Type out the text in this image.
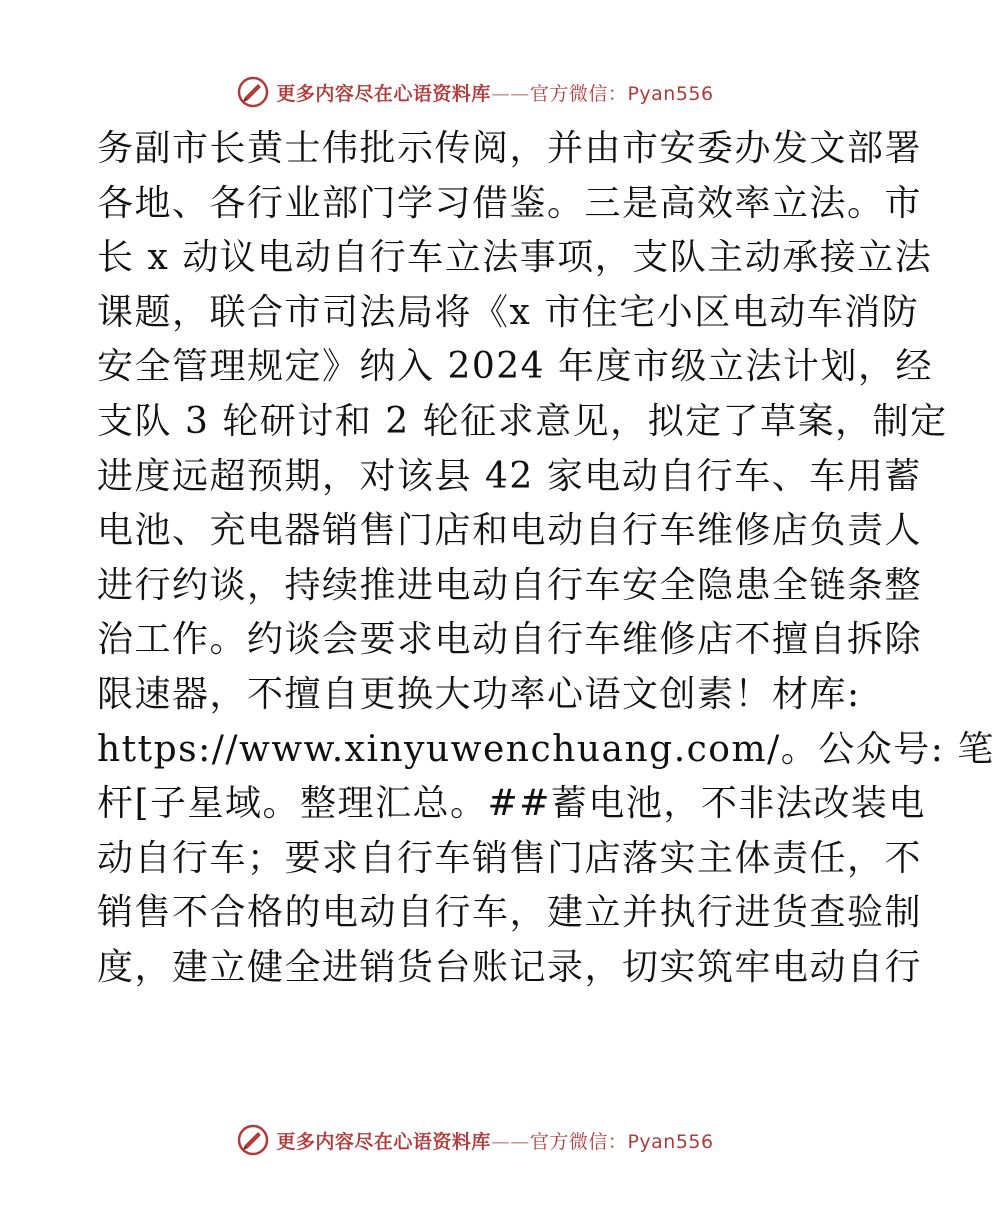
更多内容尽在心语资料库——官方微信：Pyan556
务副市长黄士伟批示传阅，并由市安委办发文部署
各地、各行业部门学习借鉴。三是高效率立法。市
长 x 动议电动自行车立法事项，支队主动承接立法
课题，联合市司法局将《x 市住宅小区电动车消防
安全管理规定》纳入 2024 年度市级立法计划，经
支队 3 轮研讨和 2 轮征求意见，拟定了草案，制定
进度远超预期，对该县 42 家电动自行车、车用蓄
电池、充电器销售门店和电动自行车维修店负责人
进行约谈，持续推进电动自行车安全隐患全链条整
治工作。约谈会要求电动自行车维修店不擅自拆除
限速器，不擅自更换大功率心语文创素！材库:
https://www.xinyuwenchuang.com/。公众号: 笔
杆[子星域。整理汇总。##蓄电池，不非法改装电
动自行车；要求自行车销售门店落实主体责任，不
销售不合格的电动自行车，建立并执行进货查验制
度，建立健全进销货台账记录，切实筑牢电动自行
更多内容尽在心语资料库——官方微信：Pyan556
